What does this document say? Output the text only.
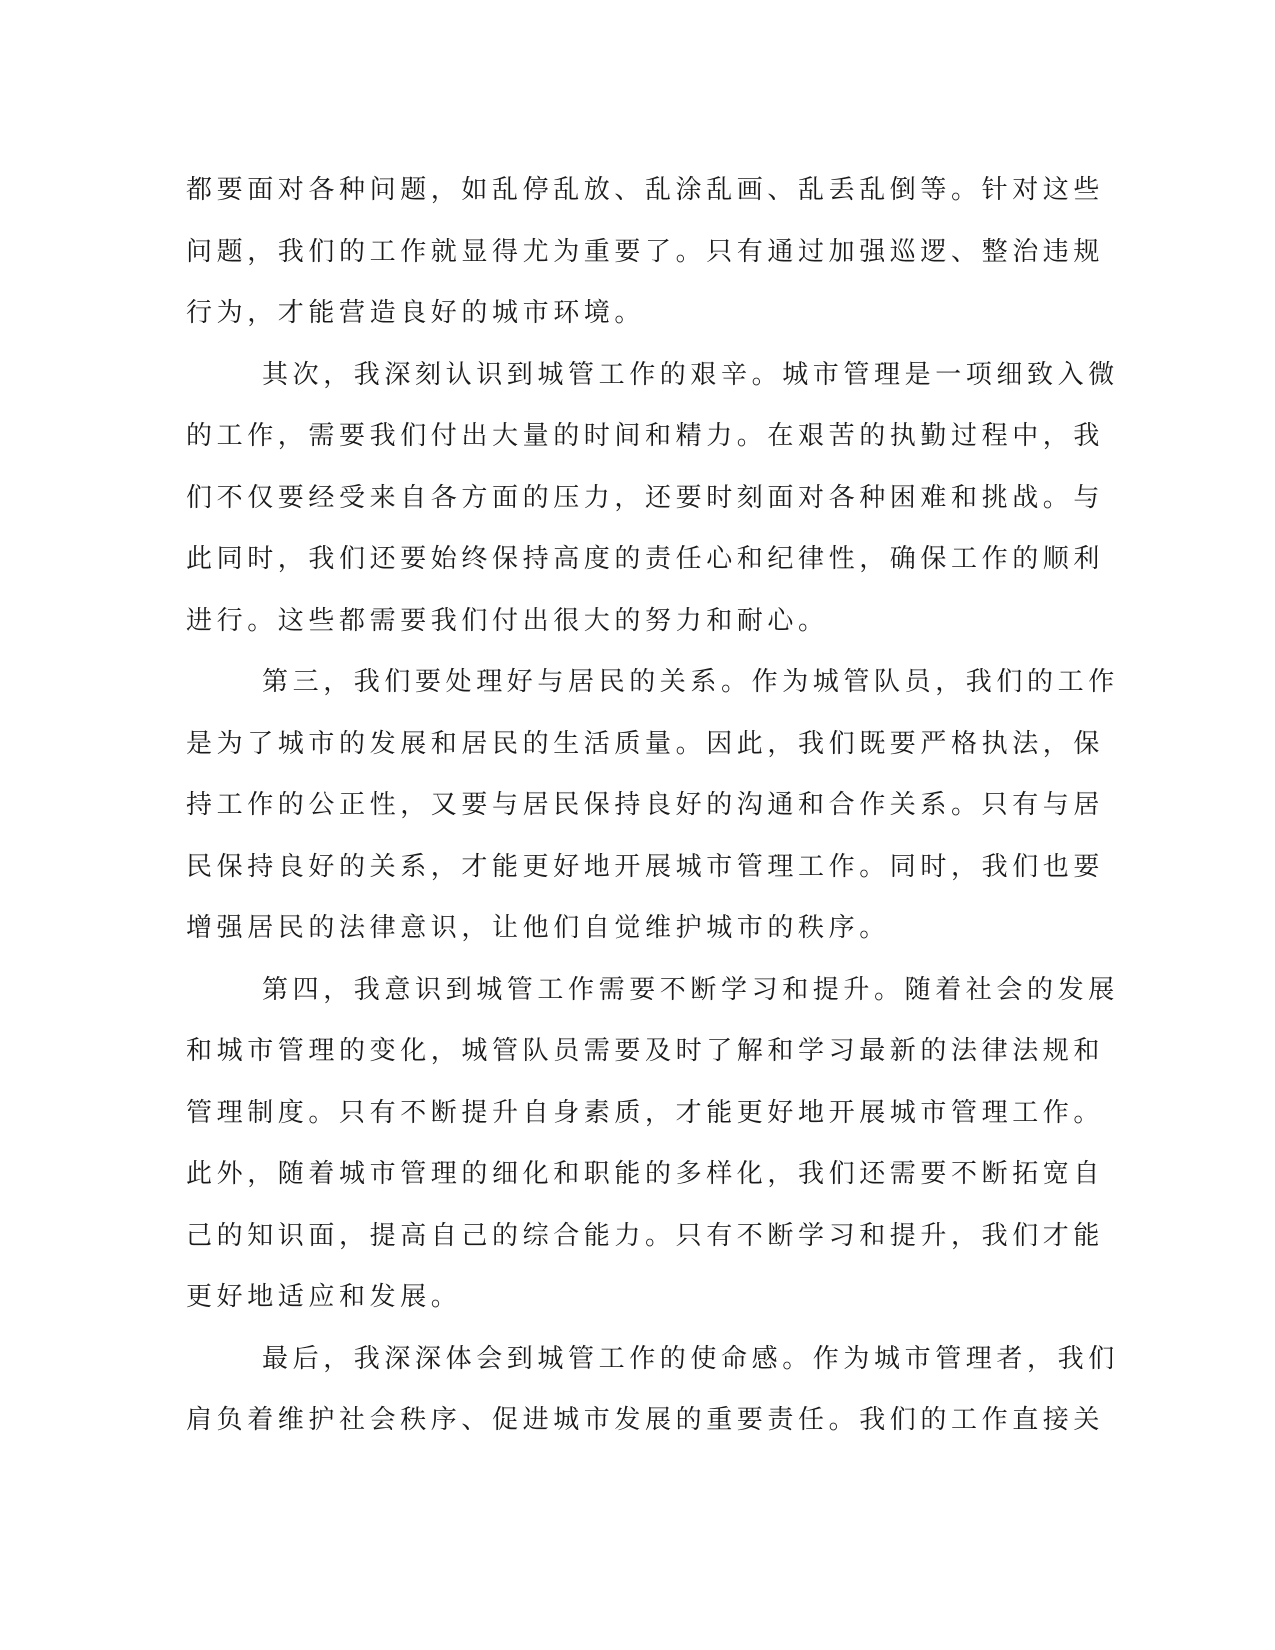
都要面对各种问题，如乱停乱放、乱涂乱画、乱丢乱倒等。针对这些
问题，我们的工作就显得尤为重要了。只有通过加强巡逻、整治违规
行为，才能营造良好的城市环境。
其次，我深刻认识到城管工作的艰辛。城市管理是一项细致入微
的工作，需要我们付出大量的时间和精力。在艰苦的执勤过程中，我
们不仅要经受来自各方面的压力，还要时刻面对各种困难和挑战。与
此同时，我们还要始终保持高度的责任心和纪律性，确保工作的顺利
进行。这些都需要我们付出很大的努力和耐心。
第三，我们要处理好与居民的关系。作为城管队员，我们的工作
是为了城市的发展和居民的生活质量。因此，我们既要严格执法，保
持工作的公正性，又要与居民保持良好的沟通和合作关系。只有与居
民保持良好的关系，才能更好地开展城市管理工作。同时，我们也要
增强居民的法律意识，让他们自觉维护城市的秩序。
第四，我意识到城管工作需要不断学习和提升。随着社会的发展
和城市管理的变化，城管队员需要及时了解和学习最新的法律法规和
管理制度。只有不断提升自身素质，才能更好地开展城市管理工作。
此外，随着城市管理的细化和职能的多样化，我们还需要不断拓宽自
己的知识面，提高自己的综合能力。只有不断学习和提升，我们才能
更好地适应和发展。
最后，我深深体会到城管工作的使命感。作为城市管理者，我们
肩负着维护社会秩序、促进城市发展的重要责任。我们的工作直接关
